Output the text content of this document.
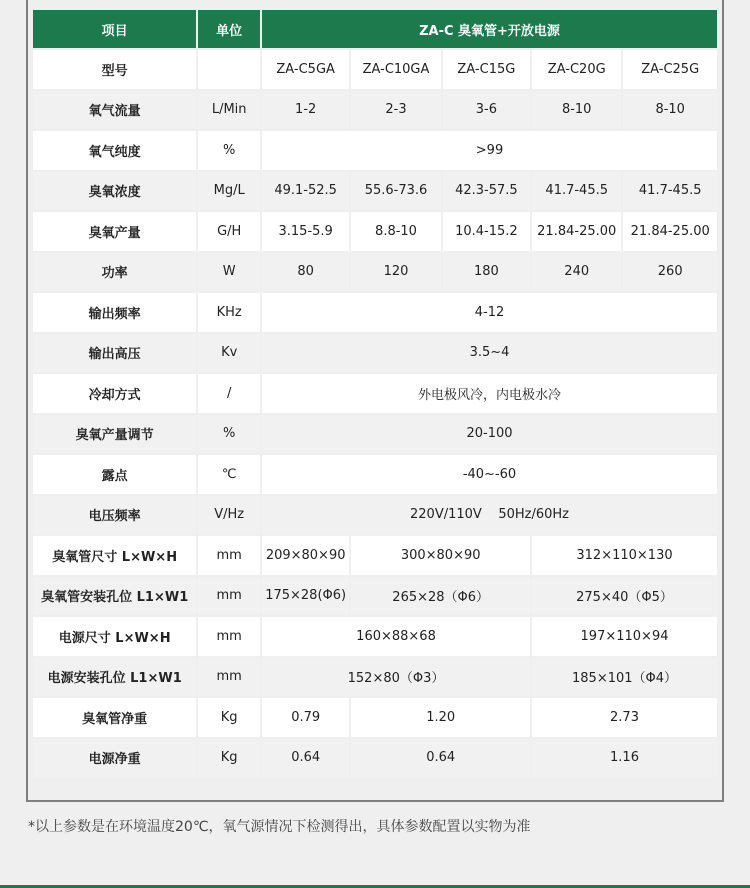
项目	单位	ZA-C 臭氧管+开放电源				
型号		ZA-C5GA	ZA-C10GA	ZA-C15G	ZA-C20G	ZA-C25G
氧气流量	L/Min	1-2	2-3	3-6	8-10	8-10
氧气纯度	%	>99				
臭氧浓度	Mg/L	49.1-52.5	55.6-73.6	42.3-57.5	41.7-45.5	41.7-45.5
臭氧产量	G/H	3.15-5.9	8.8-10	10.4-15.2	21.84-25.00	21.84-25.00
功率	W	80	120	180	240	260
输出频率	KHz	4-12				
输出高压	Kv	3.5~4				
冷却方式	/	外电极风冷，内电极水冷				
臭氧产量调节	%	20-100				
露点	℃	-40~-60				
电压频率	V/Hz	220V/110V    50Hz/60Hz				
臭氧管尺寸 L×W×H	mm	209×80×90	300×80×90		312×110×130	
臭氧管安装孔位 L1×W1	mm	175×28(Φ6)	265×28（Φ6）		275×40（Φ5）	
电源尺寸 L×W×H	mm	160×88×68			197×110×94	
电源安装孔位 L1×W1	mm	152×80（Φ3）			185×101（Φ4）	
臭氧管净重	Kg	0.79	1.20		2.73	
电源净重	Kg	0.64	0.64		1.16	
*以上参数是在环境温度20℃，氧气源情况下检测得出，具体参数配置以实物为准
